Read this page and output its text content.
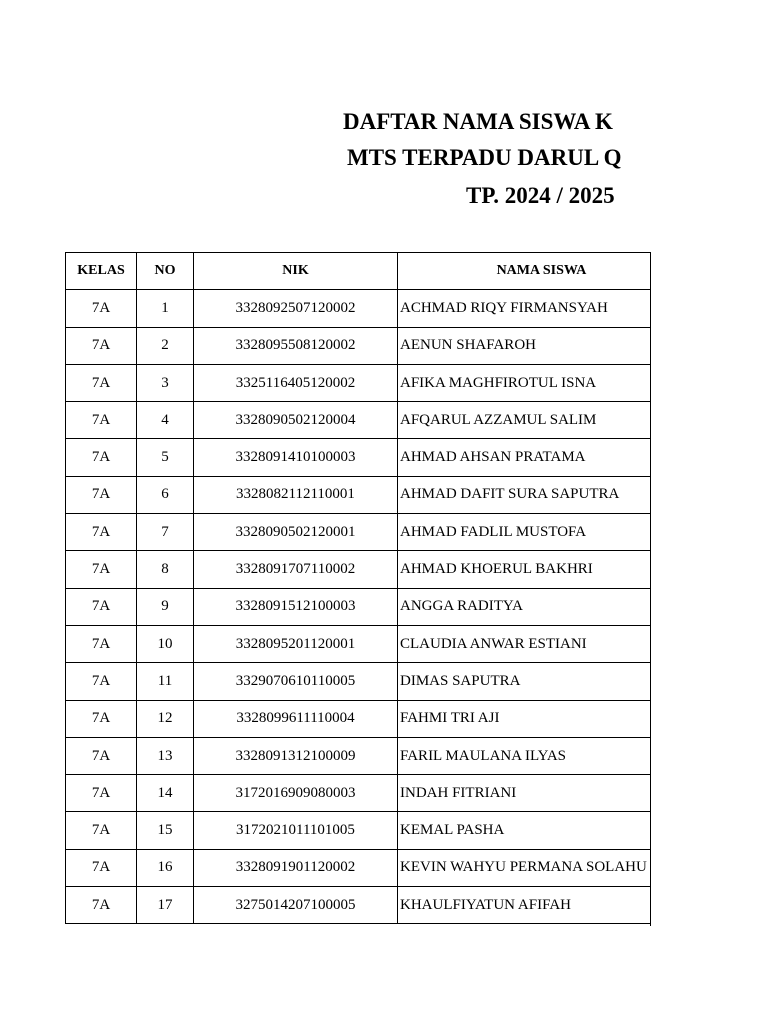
DAFTAR NAMA SISWA K
MTS TERPADU DARUL Q
TP. 2024 / 2025
KELAS	NO	NIK	NAMA SISWA
7A	1	3328092507120002	ACHMAD RIQY FIRMANSYAH
7A	2	3328095508120002	AENUN SHAFAROH
7A	3	3325116405120002	AFIKA MAGHFIROTUL ISNA
7A	4	3328090502120004	AFQARUL AZZAMUL SALIM
7A	5	3328091410100003	AHMAD AHSAN PRATAMA
7A	6	3328082112110001	AHMAD DAFIT SURA SAPUTRA
7A	7	3328090502120001	AHMAD FADLIL MUSTOFA
7A	8	3328091707110002	AHMAD KHOERUL BAKHRI
7A	9	3328091512100003	ANGGA RADITYA
7A	10	3328095201120001	CLAUDIA ANWAR ESTIANI
7A	11	3329070610110005	DIMAS SAPUTRA
7A	12	3328099611110004	FAHMI TRI AJI
7A	13	3328091312100009	FARIL MAULANA ILYAS
7A	14	3172016909080003	INDAH FITRIANI
7A	15	3172021011101005	KEMAL PASHA
7A	16	3328091901120002	KEVIN WAHYU PERMANA SOLAHU
7A	17	3275014207100005	KHAULFIYATUN AFIFAH
